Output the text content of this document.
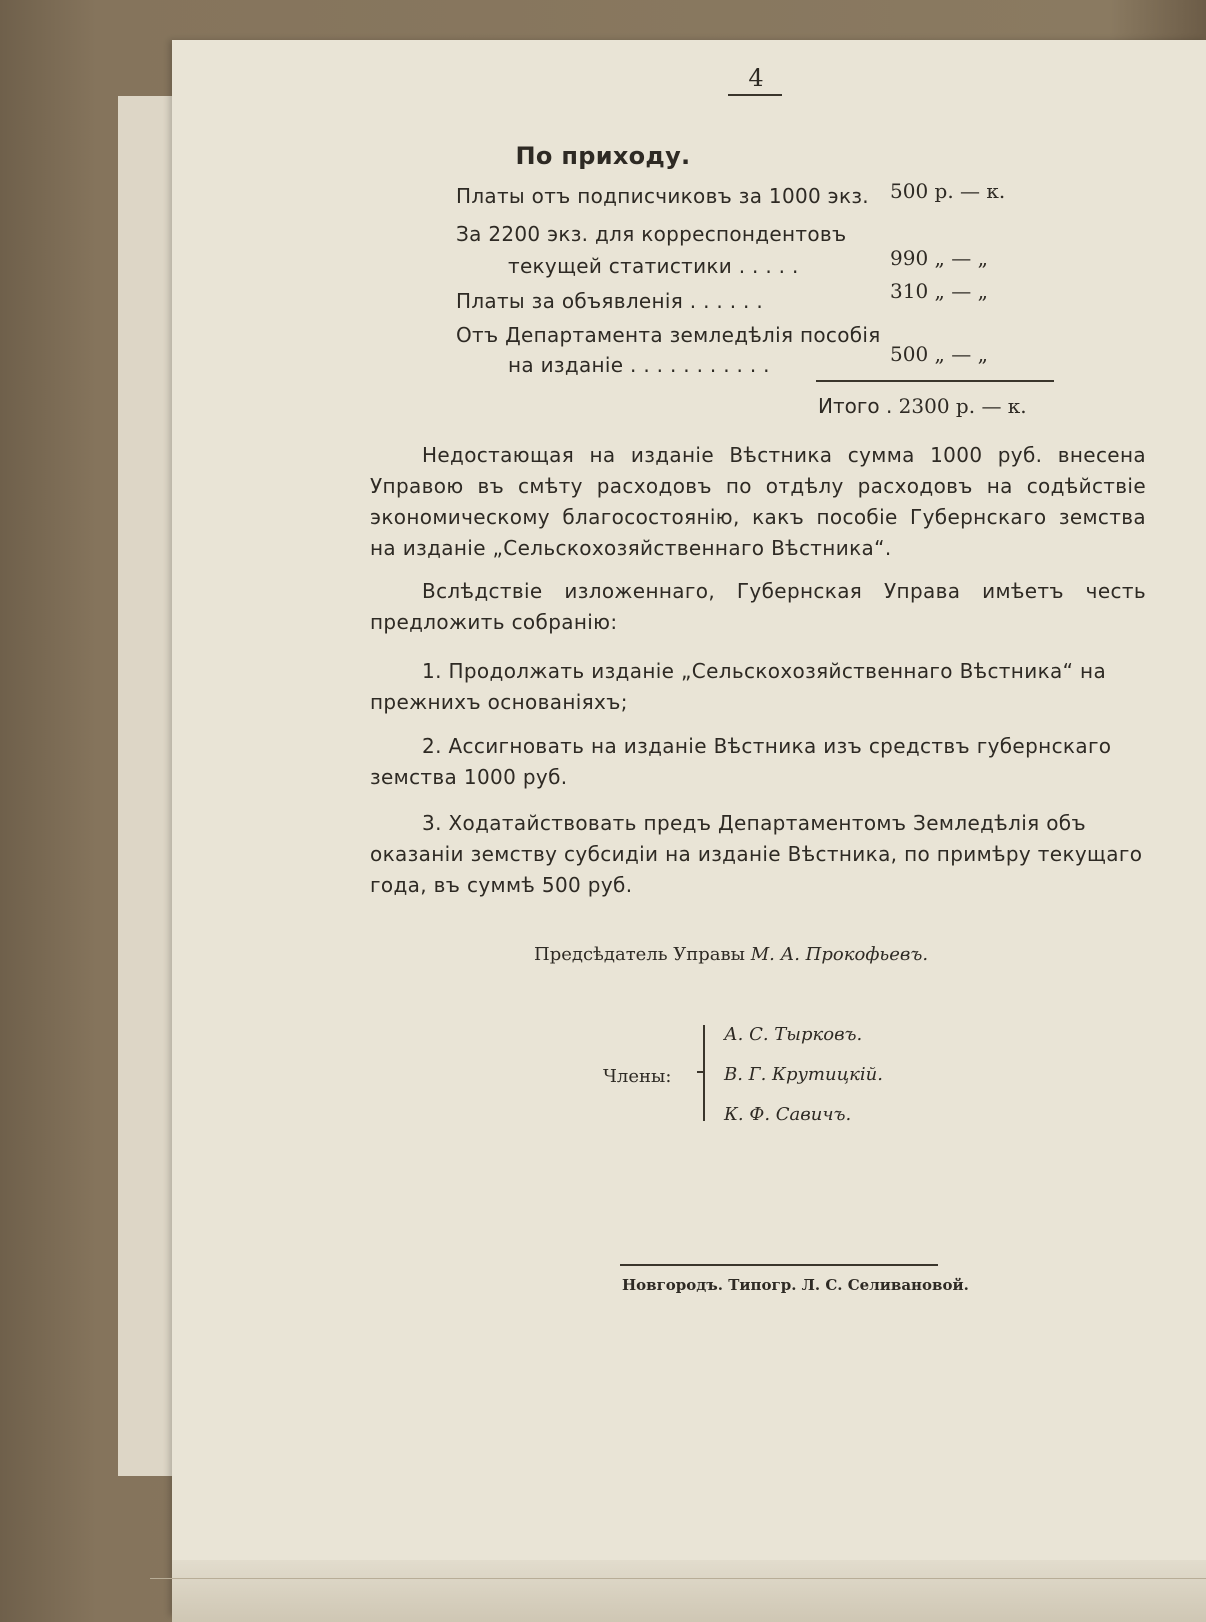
4
По приходу.
Платы отъ подписчиковъ за 1000 экз. 500 р. — к.
За 2200 экз. для корреспондентовъ
текущей статистики . . . . .	990 „ — „
Платы за объявленія . . . . . .	310 „ — „
Отъ Департамента земледѣлія пособія
на изданіе . . . . . . . . . . .	500 „ — „
Итого . 2300 р. — к.
Недостающая на изданіе Вѣстника сумма 1000 руб. внесена Управою въ смѣту расходовъ по отдѣлу расходовъ на содѣйствіе экономическому благосостоянію, какъ пособіе Губернскаго земства на изданіе „Сельскохозяйственнаго Вѣстника“.
Вслѣдствіе изложеннаго, Губернская Управа имѣетъ честь предложить собранію:
1. Продолжать изданіе „Сельскохозяйственнаго Вѣстника“ на прежнихъ основаніяхъ;
2. Ассигновать на изданіе Вѣстника изъ средствъ губернскаго земства 1000 руб.
3. Ходатайствовать предъ Департаментомъ Земледѣлія объ оказаніи земству субсидіи на изданіе Вѣстника, по примѣру текущаго года, въ суммѣ 500 руб.
Предсѣдатель Управы М. А. Прокофьевъ.
Члены:
А. С. Тырковъ.
В. Г. Крутицкій.
К. Ф. Савичъ.
Новгородъ. Типогр. Л. С. Селивановой.
